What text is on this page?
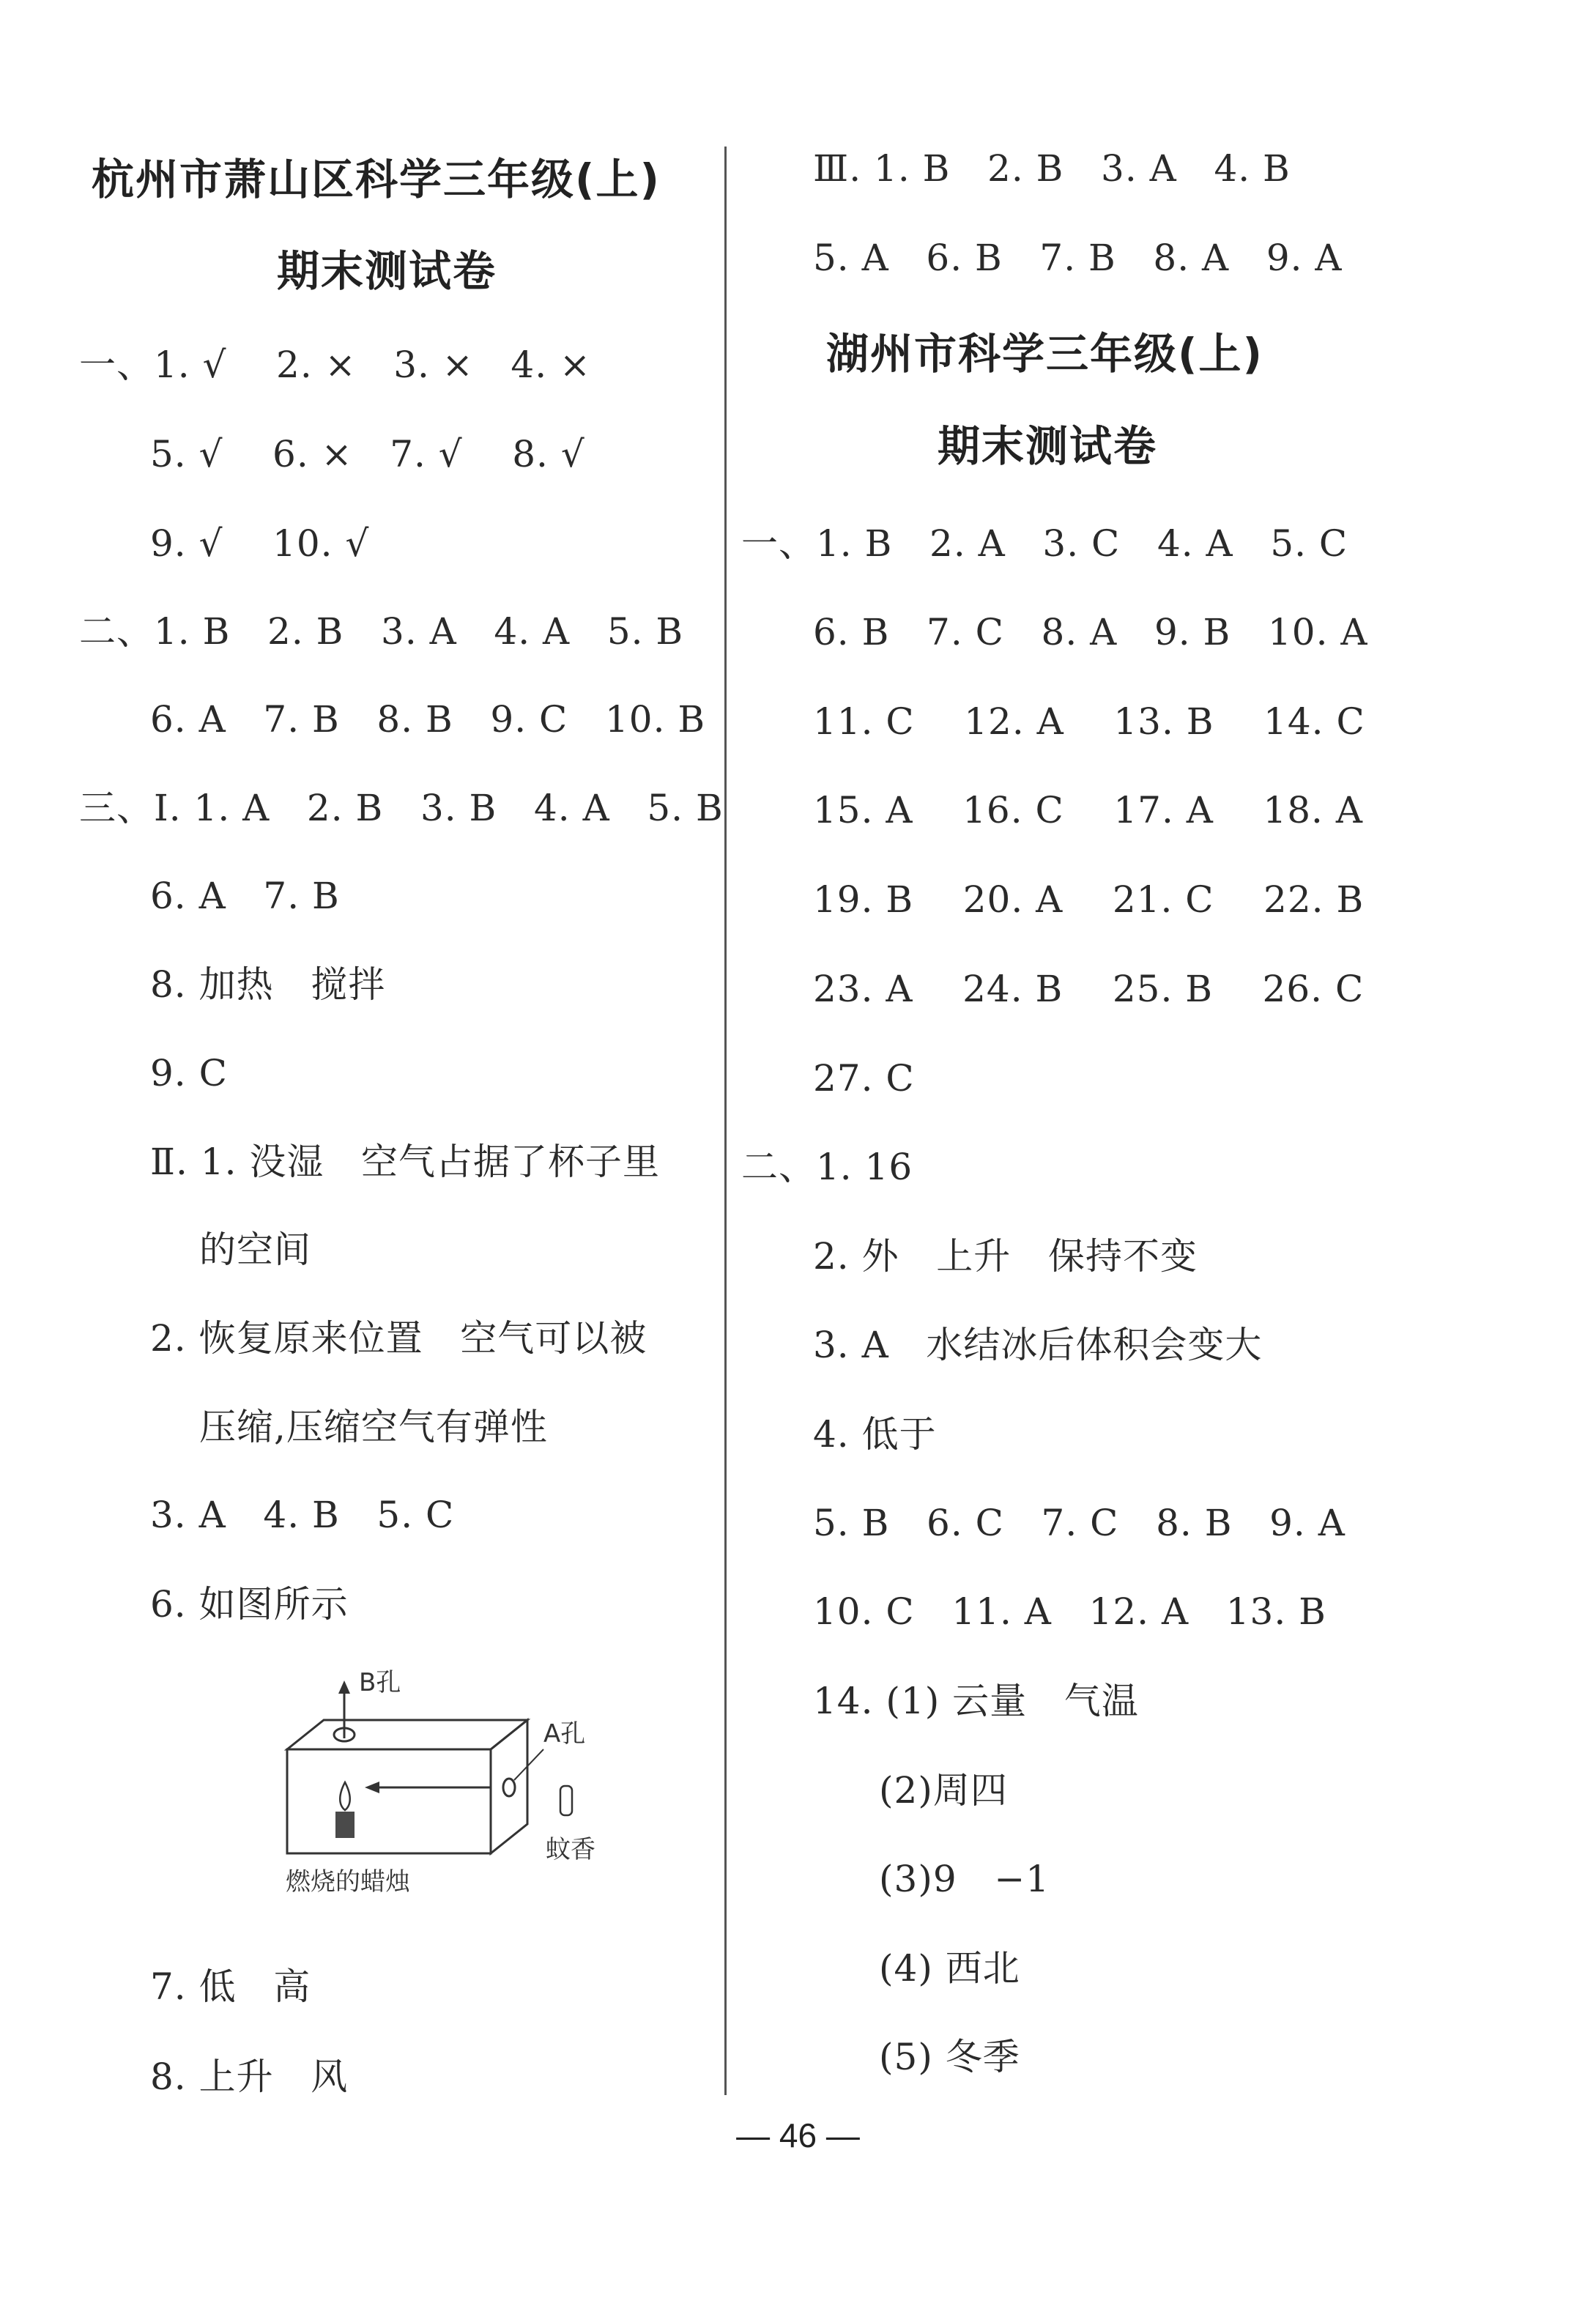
杭州市萧山区科学三年级(上)
期末测试卷
一、1. √    2. ×   3. ×   4. ×
5. √    6. ×   7. √    8. √
9. √    10. √
二、1. B   2. B   3. A   4. A   5. B
6. A   7. B   8. B   9. C   10. B
三、Ⅰ. 1. A   2. B   3. B   4. A   5. B
6. A   7. B
8. 加热   搅拌
9. C
Ⅱ. 1. 没湿   空气占据了杯子里
的空间
2. 恢复原来位置   空气可以被
压缩,压缩空气有弹性
3. A   4. B   5. C
6. 如图所示
B孔
A孔
燃烧的蜡烛
蚊香
7. 低   高
8. 上升   风
Ⅲ. 1. B   2. B   3. A   4. B
5. A   6. B   7. B   8. A   9. A
湖州市科学三年级(上)
期末测试卷
一、1. B   2. A   3. C   4. A   5. C
6. B   7. C   8. A   9. B   10. A
11. C    12. A    13. B    14. C
15. A    16. C    17. A    18. A
19. B    20. A    21. C    22. B
23. A    24. B    25. B    26. C
27. C
二、1. 16
2. 外   上升   保持不变
3. A   水结冰后体积会变大
4. 低于
5. B   6. C   7. C   8. B   9. A
10. C   11. A   12. A   13. B
14. (1) 云量   气温
(2)周四
(3)9   −1
(4) 西北
(5) 冬季
— 46 —
